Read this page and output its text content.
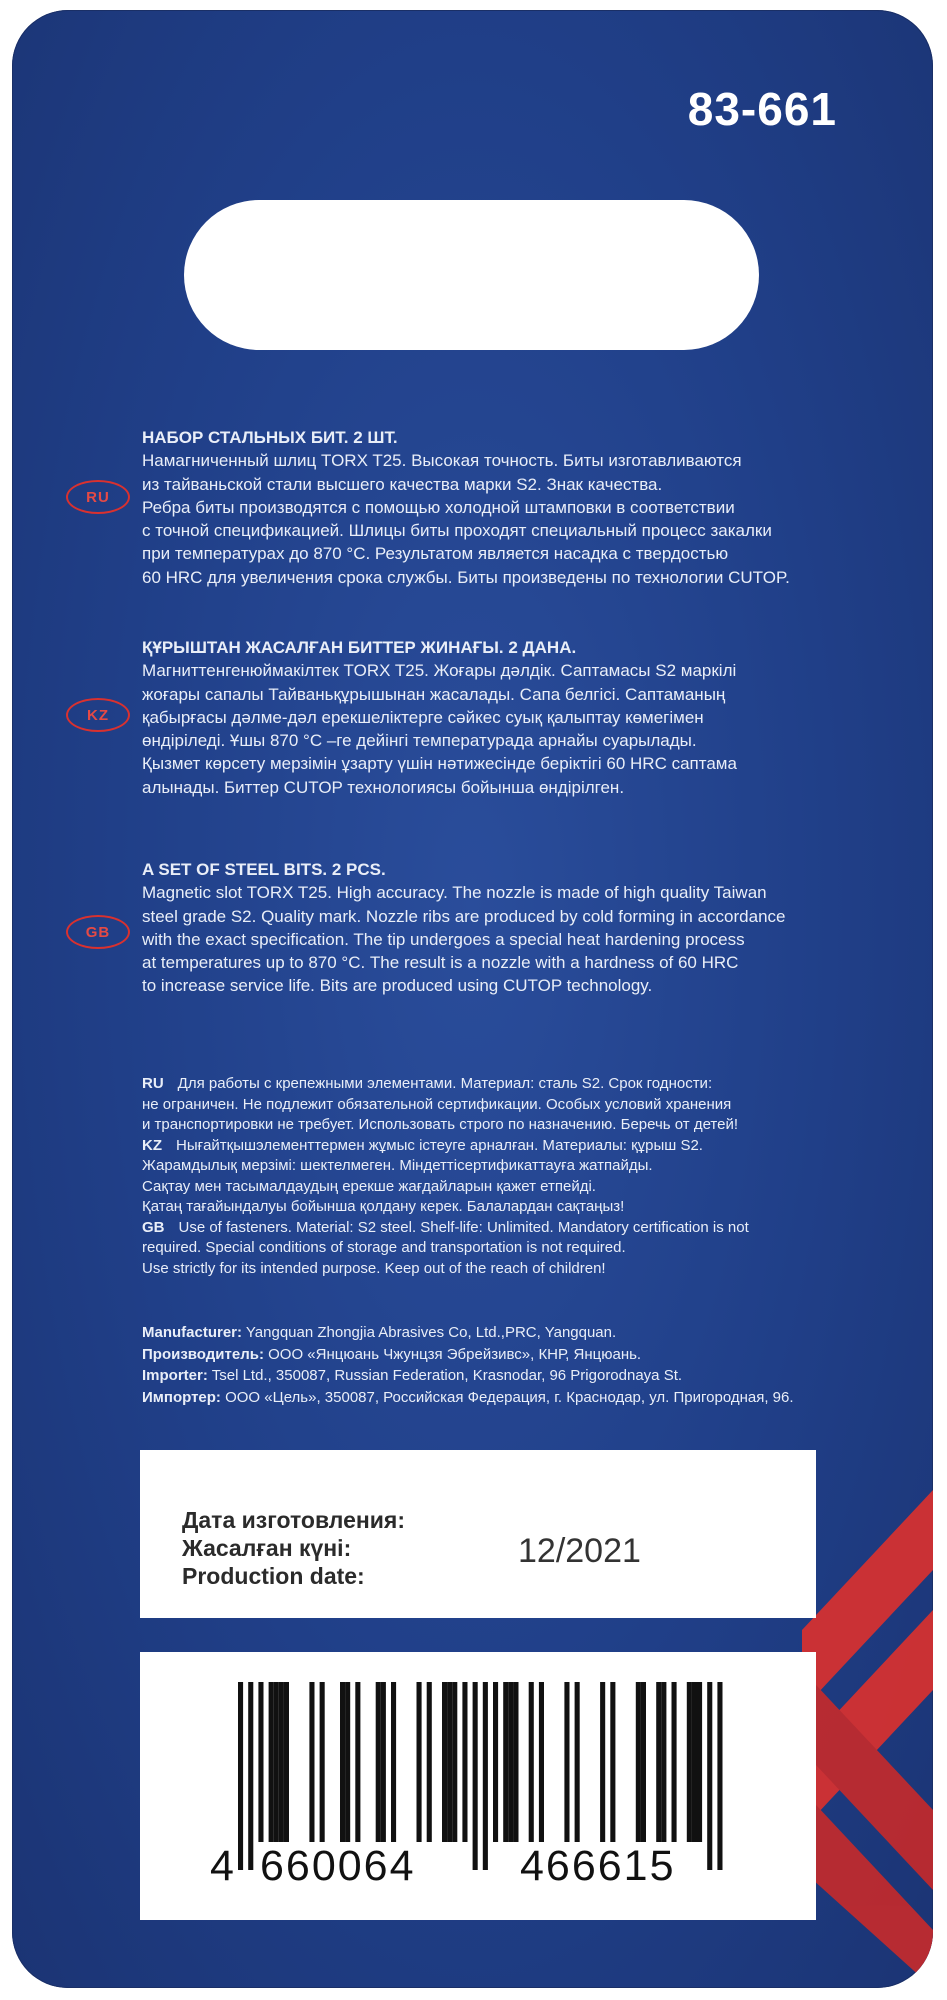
83-661
RU
НАБОР СТАЛЬНЫХ БИТ. 2 ШТ.
Намагниченный шлиц TORX T25. Высокая точность. Биты изготавливаются
из тайваньской стали высшего качества марки S2. Знак качества.
Ребра биты производятся с помощью холодной штамповки в соответствии
с точной спецификацией. Шлицы биты проходят специальный процесс закалки
при температурах до 870 °С. Результатом является насадка с твердостью
60 HRC для увеличения срока службы. Биты произведены по технологии CUTOP.
KZ
ҚҰРЫШТАН ЖАСАЛҒАН БИТТЕР ЖИНАҒЫ. 2 ДАНА.
Магниттенгенюймакілтек TORX T25. Жоғары дәлдік. Саптамасы S2 маркілі
жоғары сапалы Тайваньқұрышынан жасалады. Сапа белгісі. Саптаманың
қабырғасы дәлме-дәл ерекшеліктерге сәйкес суық қалыптау көмегімен
өндіріледі. Ұшы 870 °С –ге дейінгі температурада арнайы суарылады.
Қызмет көрсету мерзімін ұзарту үшін нәтижесінде беріктігі 60 HRC саптама
алынады. Биттер CUTOP технологиясы бойынша өндірілген.
GB
A SET OF STEEL BITS. 2 PCS.
Magnetic slot TORX T25. High accuracy. The nozzle is made of high quality Taiwan
steel grade S2. Quality mark. Nozzle ribs are produced by cold forming in accordance
with the exact specification. The tip undergoes a special heat hardening process
at temperatures up to 870 °С. The result is a nozzle with a hardness of 60 HRC
to increase service life. Bits are produced using CUTOP technology.
RU Для работы с крепежными элементами. Материал: сталь S2. Срок годности:
не ограничен. Не подлежит обязательной сертификации. Особых условий хранения
и транспортировки не требует. Использовать строго по назначению. Беречь от детей!
KZ Нығайтқышэлементтермен жұмыс істеуге арналған. Материалы: құрыш S2.
Жарамдылық мерзімі: шектелмеген. Міндеттісертификаттауға жатпайды.
Сақтау мен тасымалдаудың ерекше жағдайларын қажет етпейді.
Қатаң тағайындалуы бойынша қолдану керек. Балалардан сақтаңыз!
GB Use of fasteners. Material: S2 steel. Shelf-life: Unlimited. Mandatory certification is not
required. Special conditions of storage and transportation is not required.
Use strictly for its intended purpose. Keep out of the reach of children!
Manufacturer: Yangquan Zhongjia Abrasives Co, Ltd.,PRC, Yangquan.
Производитель: ООО «Янцюань Чжунцзя Эбрейзивс», КНР, Янцюань.
Importer: Tsel Ltd., 350087, Russian Federation, Krasnodar, 96 Prigorodnaya St.
Импортер: ООО «Цель», 350087, Российская Федерация, г. Краснодар, ул. Пригородная, 96.
Дата изготовления:
Жасалған күні:
Production date:
12/2021
4 660064 466615
